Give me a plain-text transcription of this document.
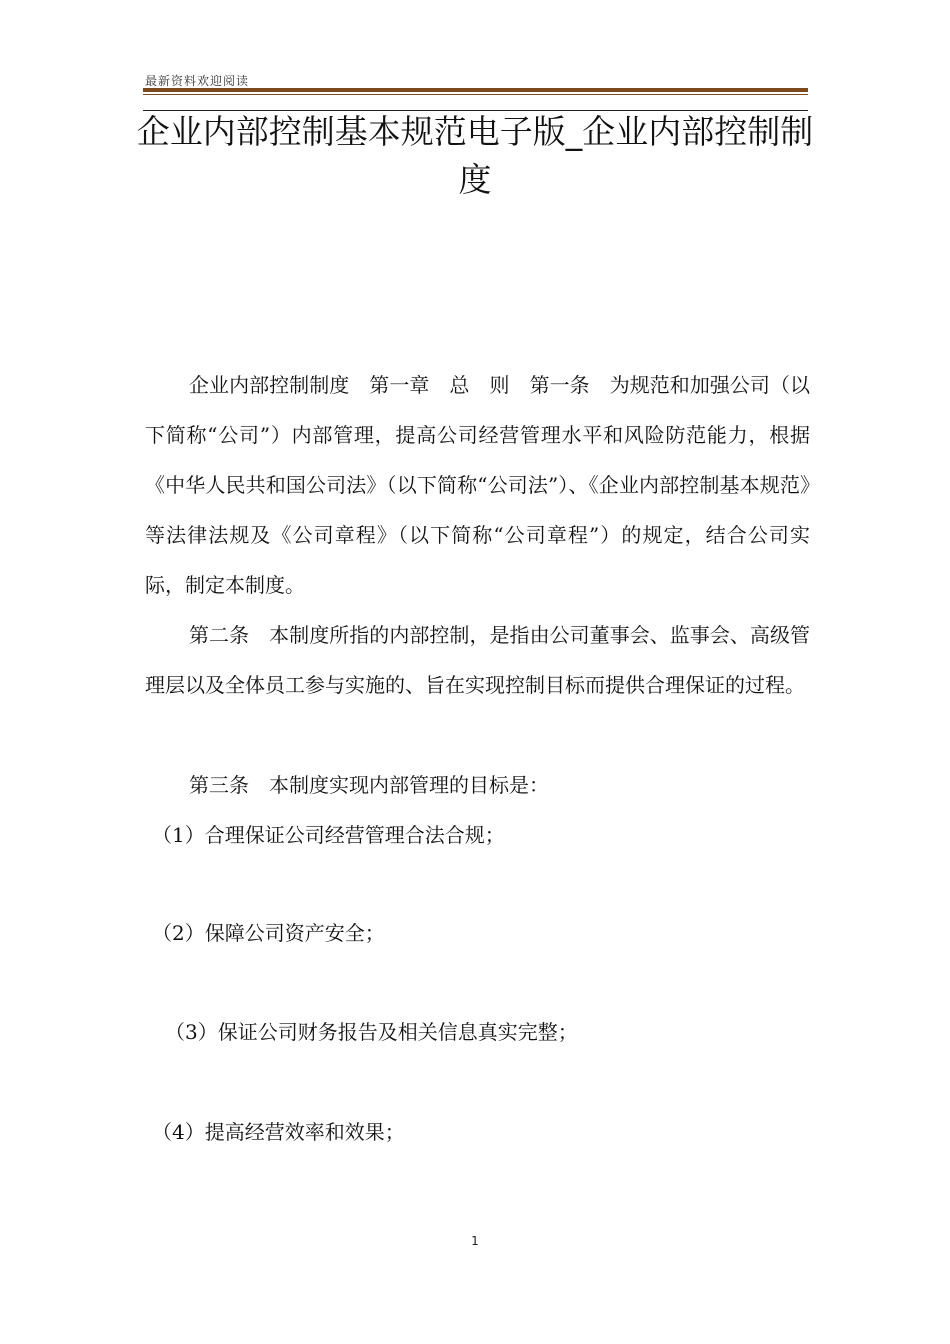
最新资料欢迎阅读
企业内部控制基本规范电子版_企业内部控制制度
企业内部控制制度　第一章　总　则　第一条　为规范和加强公司（以下简称“公司”）内部管理，提高公司经营管理水平和风险防范能力，根据《中华人民共和国公司法》（以下简称“公司法”）、《企业内部控制基本规范》等法律法规及《公司章程》（以下简称“公司章程”）的规定，结合公司实际，制定本制度。
第二条　本制度所指的内部控制，是指由公司董事会、监事会、高级管理层以及全体员工参与实施的、旨在实现控制目标而提供合理保证的过程。
第三条　本制度实现内部管理的目标是：
（1）合理保证公司经营管理合法合规；
（2）保障公司资产安全；
（3）保证公司财务报告及相关信息真实完整；
（4）提高经营效率和效果；
1
